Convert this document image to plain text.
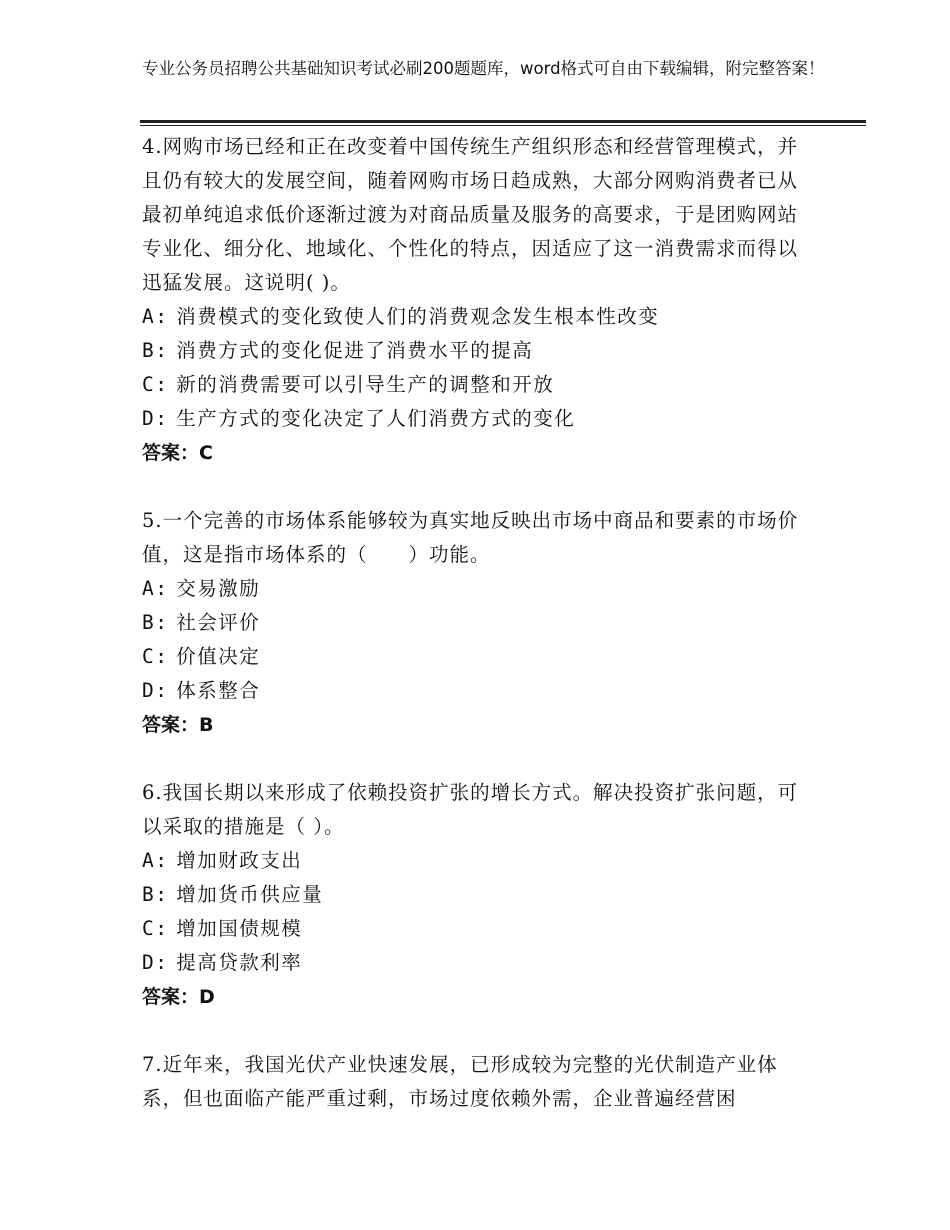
专业公务员招聘公共基础知识考试必刷200题题库，word格式可自由下载编辑，附完整答案！

4.网购市场已经和正在改变着中国传统生产组织形态和经营管理模式，并且仍有较大的发展空间，随着网购市场日趋成熟，大部分网购消费者已从最初单纯追求低价逐渐过渡为对商品质量及服务的高要求，于是团购网站专业化、细分化、地域化、个性化的特点，因适应了这一消费需求而得以迅猛发展。这说明( )。

A: 消费模式的变化致使人们的消费观念发生根本性改变

B: 消费方式的变化促进了消费水平的提高

C: 新的消费需要可以引导生产的调整和开放

D: 生产方式的变化决定了人们消费方式的变化

答案：C

5.一个完善的市场体系能够较为真实地反映出市场中商品和要素的市场价值，这是指市场体系的（　　）功能。

A: 交易激励

B: 社会评价

C: 价值决定

D: 体系整合

答案：B

6.我国长期以来形成了依赖投资扩张的增长方式。解决投资扩张问题，可以采取的措施是（ ）。

A: 增加财政支出

B: 增加货币供应量

C: 增加国债规模

D: 提高贷款利率

答案：D

7.近年来，我国光伏产业快速发展，已形成较为完整的光伏制造产业体系，但也面临产能严重过剩，市场过度依赖外需，企业普遍经营困
